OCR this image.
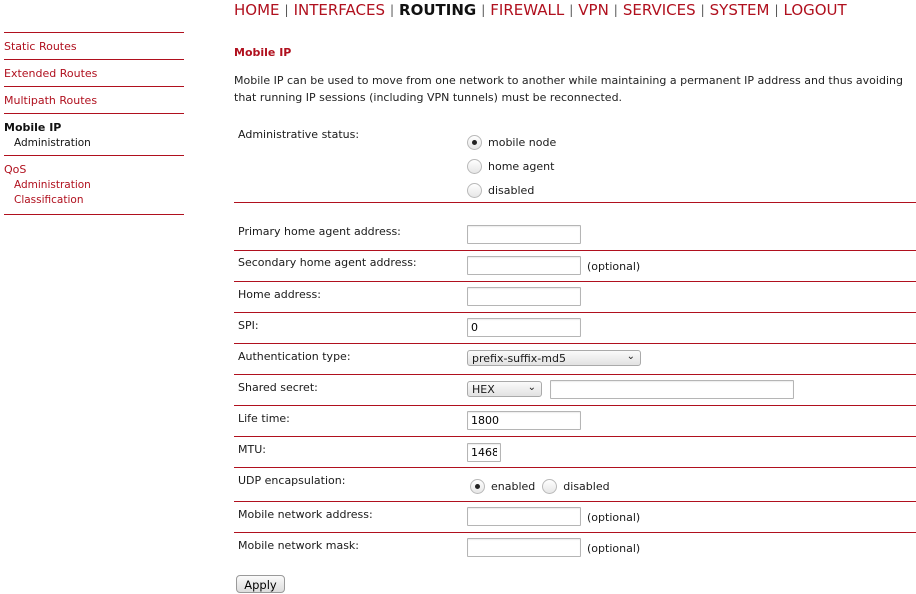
HOME | INTERFACES | ROUTING | FIREWALL | VPN | SERVICES | SYSTEM | LOGOUT
Static Routes
Extended Routes
Multipath Routes
Mobile IP
Administration
QoS
Administration
Classification
Mobile IP
Mobile IP can be used to move from one network to another while maintaining a permanent IP address and thus avoiding that running IP sessions (including VPN tunnels) must be reconnected.
Administrative status:
mobile node
home agent
disabled
Primary home agent address:
Secondary home agent address:	(optional)
Home address:
SPI:
0
Authentication type:	prefix-suffix-md5	⌄
Shared secret:	HEX	⌄
Life time:
1800
MTU:
1468
UDP encapsulation:	enabled	disabled
Mobile network address:	(optional)
Mobile network mask:	(optional)
Apply
